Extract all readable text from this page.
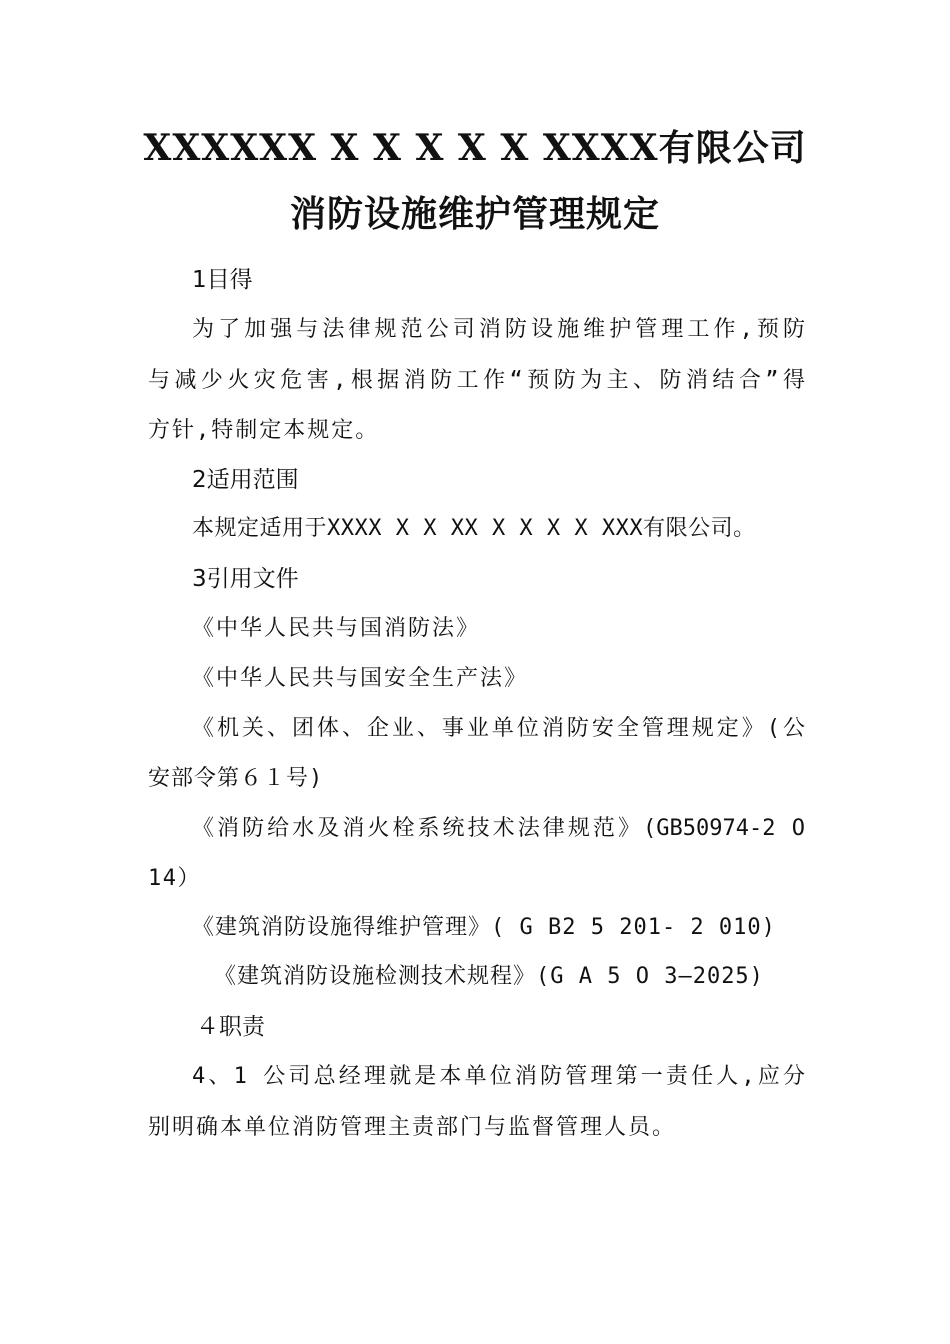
XXXXXX X X X X X XXXX有限公司
消防设施维护管理规定
1目得
为了加强与法律规范公司消防设施维护管理工作,预防
与减少火灾危害,根据消防工作“预防为主、防消结合”得
方针,特制定本规定。
2适用范围
本规定适用于XXXX X X XX X X X X XXX有限公司。
3引用文件
《中华人民共与国消防法》
《中华人民共与国安全生产法》
《机关、团体、企业、事业单位消防安全管理规定》(公
安部令第６１号)
《消防给水及消火栓系统技术法律规范》(GB50974-2 O
14）
《建筑消防设施得维护管理》( G B2 5 201- 2 010)
《建筑消防设施检测技术规程》(G A 5 O 3—2025)
４职责
4、1 公司总经理就是本单位消防管理第一责任人,应分
别明确本单位消防管理主责部门与监督管理人员。
